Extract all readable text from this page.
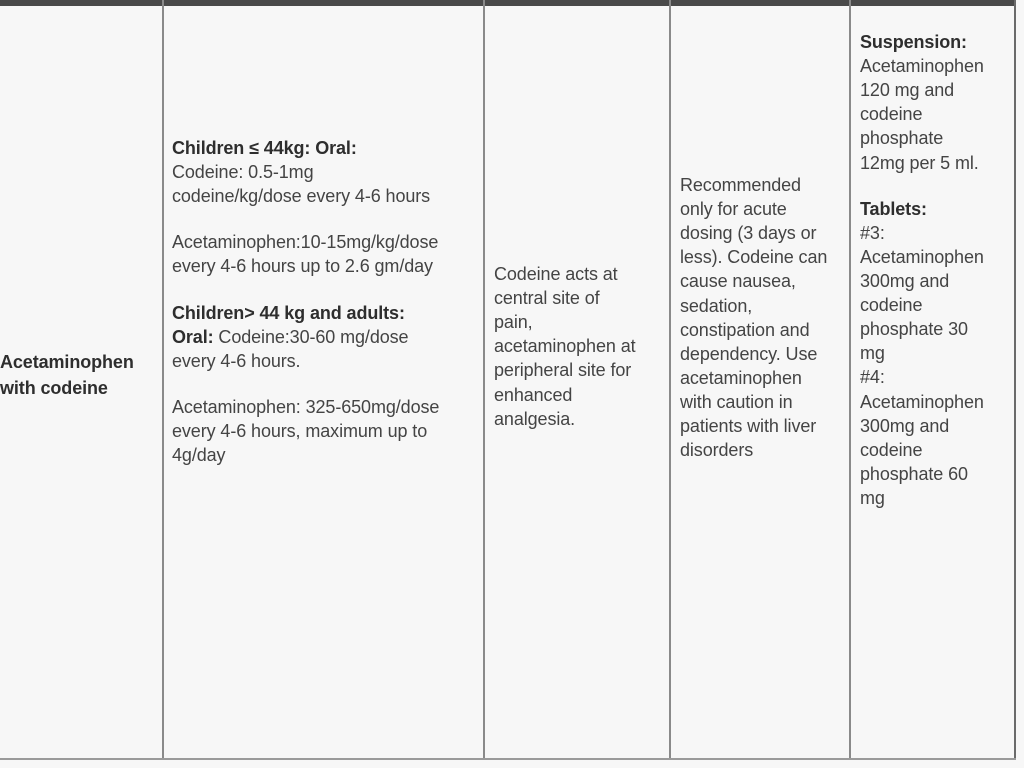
Acetaminophen

with codeine

Children ≤ 44kg: Oral:

Codeine: 0.5-1mg

codeine/kg/dose every 4-6 hours

Acetaminophen:10-15mg/kg/dose

every 4-6 hours up to 2.6 gm/day

Children> 44 kg and adults:

Oral: Codeine:30-60 mg/dose

every 4-6 hours.

Acetaminophen: 325-650mg/dose

every 4-6 hours, maximum up to

4g/day

Codeine acts at

central site of

pain,

acetaminophen at

peripheral site for

enhanced

analgesia.

Recommended

only for acute

dosing (3 days or

less). Codeine can

cause nausea,

sedation,

constipation and

dependency. Use

acetaminophen

with caution in

patients with liver

disorders

Suspension:

Acetaminophen

120 mg and

codeine

phosphate

12mg per 5 ml.

Tablets:

#3:

Acetaminophen

300mg and

codeine

phosphate 30

mg

#4:

Acetaminophen

300mg and

codeine

phosphate 60

mg
